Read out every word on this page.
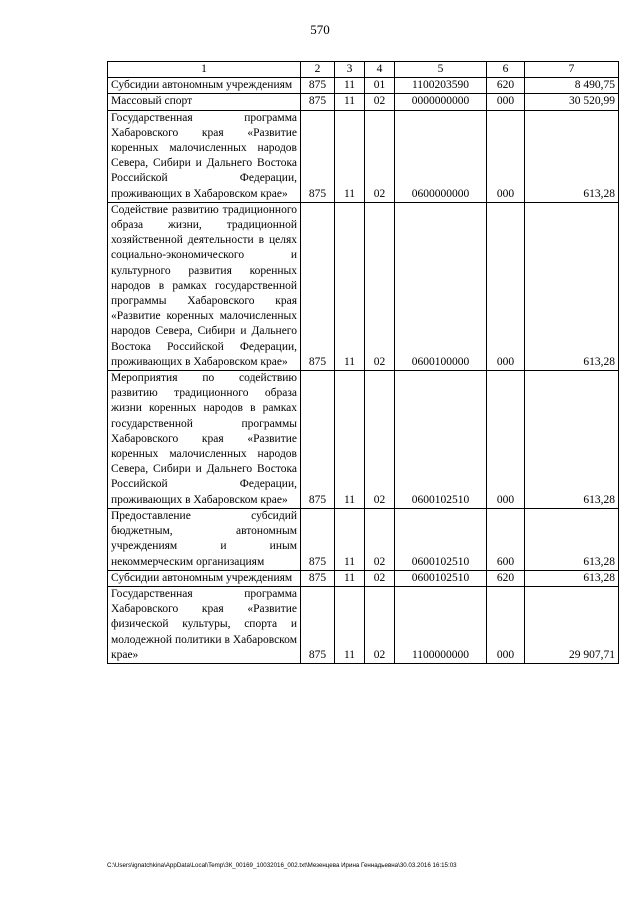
570
1	2	3	4	5	6	7
Субсидии автономным учреждениям	875	11	01	1100203590	620	8 490,75
Массовый спорт	875	11	02	0000000000	000	30 520,99
Государственная программа Хабаровского края «Развитие коренных малочисленных народов Севера, Сибири и Дальнего Востока Российской Федерации, проживающих в Хабаровском крае»	875	11	02	0600000000	000	613,28
Содействие развитию традиционного образа жизни, традиционной хозяйственной деятельности в целях социально-экономического и культурного развития коренных народов в рамках государственной программы Хабаровского края «Развитие коренных малочисленных народов Севера, Сибири и Дальнего Востока Российской Федерации, проживающих в Хабаровском крае»	875	11	02	0600100000	000	613,28
Мероприятия по содействию развитию традиционного образа жизни коренных народов в рамках государственной программы Хабаровского края «Развитие коренных малочисленных народов Севера, Сибири и Дальнего Востока Российской Федерации, проживающих в Хабаровском крае»	875	11	02	0600102510	000	613,28
Предоставление субсидий бюджетным, автономным учреждениям и иным некоммерческим организациям	875	11	02	0600102510	600	613,28
Субсидии автономным учреждениям	875	11	02	0600102510	620	613,28
Государственная программа Хабаровского края «Развитие физической культуры, спорта и молодежной политики в Хабаровском крае»	875	11	02	1100000000	000	29 907,71
C:\Users\ignatchkina\AppData\Local\Temp\ЗК_00169_10032016_002.txt\Мезенцева Ирина Геннадьевна\30.03.2016 16:15:03
